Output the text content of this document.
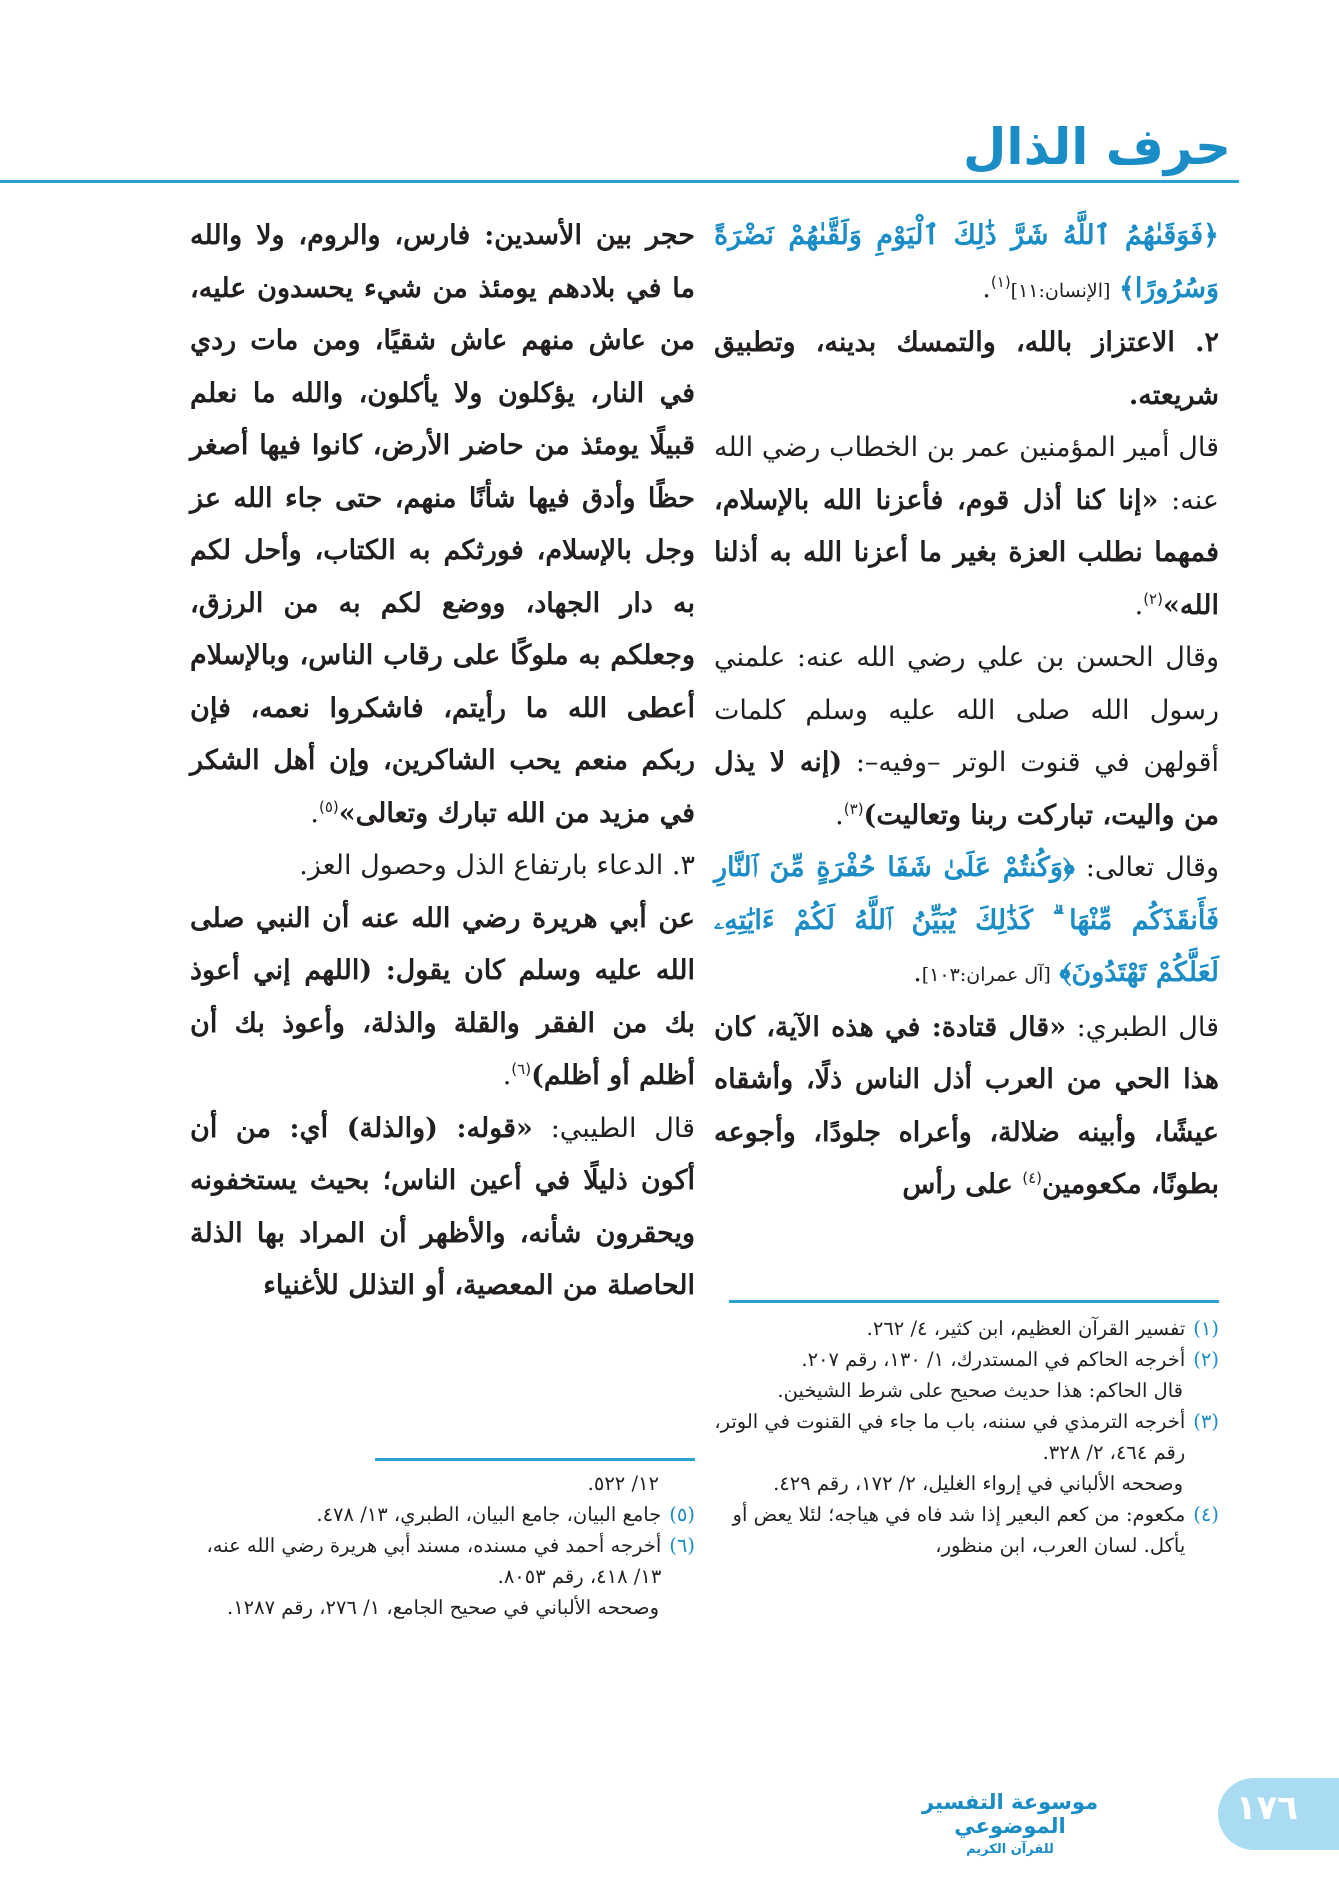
حرف الذال

﴿فَوَقَىٰهُمُ ٱللَّهُ شَرَّ ذَٰلِكَ ٱلْيَوْمِ وَلَقَّىٰهُمْ نَضْرَةً وَسُرُورًا﴾ [الإنسان:١١]$^{(١)}$.

٢. الاعتزاز بالله، والتمسك بدينه، وتطبيق شريعته.

قال أمير المؤمنين عمر بن الخطاب رضي الله عنه: «إنا كنا أذل قوم، فأعزنا الله بالإسلام، فمهما نطلب العزة بغير ما أعزنا الله به أذلنا الله»$^{(٢)}$.

وقال الحسن بن علي رضي الله عنه: علمني رسول الله صلى الله عليه وسلم كلمات أقولهن في قنوت الوتر –وفيه–: (إنه لا يذل من واليت، تباركت ربنا وتعاليت)$^{(٣)}$.

وقال تعالى: ﴿وَكُنتُمْ عَلَىٰ شَفَا حُفْرَةٍ مِّنَ ٱلنَّارِ فَأَنقَذَكُم مِّنْهَا ۗ كَذَٰلِكَ يُبَيِّنُ ٱللَّهُ لَكُمْ ءَايَٰتِهِۦ لَعَلَّكُمْ تَهْتَدُونَ﴾ [آل عمران:١٠٣].

قال الطبري: «قال قتادة: في هذه الآية، كان هذا الحي من العرب أذل الناس ذلًا، وأشقاه عيشًا، وأبينه ضلالة، وأعراه جلودًا، وأجوعه بطونًا، مكعومين$^{(٤)}$ على رأس

حجر بين الأسدين: فارس، والروم، ولا والله ما في بلادهم يومئذ من شيء يحسدون عليه، من عاش منهم عاش شقيًا، ومن مات ردي في النار، يؤكلون ولا يأكلون، والله ما نعلم قبيلًا يومئذ من حاضر الأرض، كانوا فيها أصغر حظًا وأدق فيها شأنًا منهم، حتى جاء الله عز وجل بالإسلام، فورثكم به الكتاب، وأحل لكم به دار الجهاد، ووضع لكم به من الرزق، وجعلكم به ملوكًا على رقاب الناس، وبالإسلام أعطى الله ما رأيتم، فاشكروا نعمه، فإن ربكم منعم يحب الشاكرين، وإن أهل الشكر في مزيد من الله تبارك وتعالى»$^{(٥)}$.

٣. الدعاء بارتفاع الذل وحصول العز.

عن أبي هريرة رضي الله عنه أن النبي صلى الله عليه وسلم كان يقول: (اللهم إني أعوذ بك من الفقر والقلة والذلة، وأعوذ بك أن أظلم أو أظلم)$^{(٦)}$.

قال الطيبي: «قوله: (والذلة) أي: من أن أكون ذليلًا في أعين الناس؛ بحيث يستخفونه ويحقرون شأنه، والأظهر أن المراد بها الذلة الحاصلة من المعصية، أو التذلل للأغنياء

(١)
تفسير القرآن العظيم، ابن كثير، ٤/ ٢٦٢.

(٢)
أخرجه الحاكم في المستدرك، ١/ ١٣٠، رقم ٢٠٧.

قال الحاكم: هذا حديث صحيح على شرط الشيخين.

(٣)
أخرجه الترمذي في سننه، باب ما جاء في القنوت في الوتر، رقم ٤٦٤، ٢/ ٣٢٨.

وصححه الألباني في إرواء الغليل، ٢/ ١٧٢، رقم ٤٢٩.

(٤)
مكعوم: من كعم البعير إذا شد فاه في هياجه؛ لئلا يعض أو يأكل. لسان العرب، ابن منظور،

١٢/ ٥٢٢.

(٥)
جامع البيان، جامع البيان، الطبري، ١٣/ ٤٧٨.

(٦)
أخرجه أحمد في مسنده، مسند أبي هريرة رضي الله عنه، ١٣/ ٤١٨، رقم ٨٠٥٣.

وصححه الألباني في صحيح الجامع، ١/ ٢٧٦، رقم ١٢٨٧.

موسوعة التفسير الموضوعي
للقرآن الكريم
١٧٦
